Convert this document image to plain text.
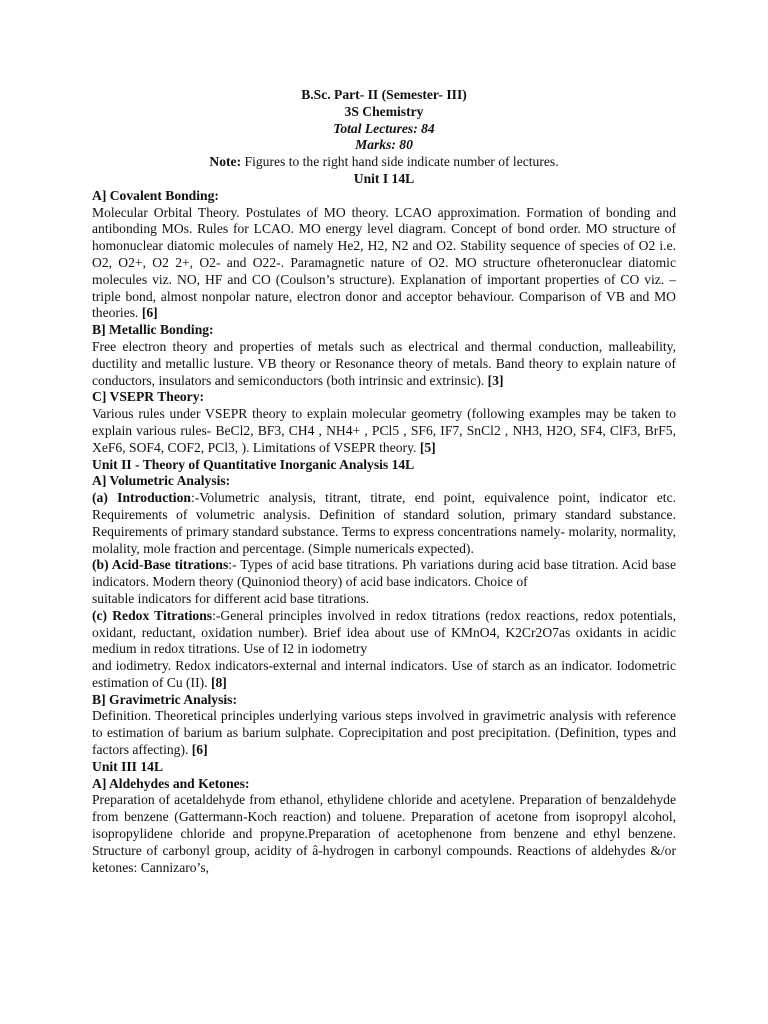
B.Sc. Part- II (Semester- III)
3S Chemistry
Total Lectures: 84
Marks: 80
Note: Figures to the right hand side indicate number of lectures.
Unit I 14L
A] Covalent Bonding:
Molecular Orbital Theory. Postulates of MO theory. LCAO approximation. Formation of bonding and antibonding MOs. Rules for LCAO. MO energy level diagram. Concept of bond order. MO structure of homonuclear diatomic molecules of namely He2, H2, N2 and O2. Stability sequence of species of O2 i.e. O2, O2+, O2 2+, O2- and O22-. Paramagnetic nature of O2. MO structure ofheteronuclear diatomic molecules viz. NO, HF and CO (Coulson’s structure). Explanation of important properties of CO viz. – triple bond, almost nonpolar nature, electron donor and acceptor behaviour. Comparison of VB and MO theories. [6]
B] Metallic Bonding:
Free electron theory and properties of metals such as electrical and thermal conduction, malleability, ductility and metallic lusture. VB theory or Resonance theory of metals. Band theory to explain nature of conductors, insulators and semiconductors (both intrinsic and extrinsic). [3]
C] VSEPR Theory:
Various rules under VSEPR theory to explain molecular geometry (following examples may be taken to explain various rules- BeCl2, BF3, CH4 , NH4+ , PCl5 , SF6, IF7, SnCl2 , NH3, H2O, SF4, ClF3, BrF5, XeF6, SOF4, COF2, PCl3, ). Limitations of VSEPR theory. [5]
Unit II - Theory of Quantitative Inorganic Analysis 14L
A] Volumetric Analysis:
(a) Introduction:-Volumetric analysis, titrant, titrate, end point, equivalence point, indicator etc. Requirements of volumetric analysis. Definition of standard solution, primary standard substance. Requirements of primary standard substance. Terms to express concentrations namely- molarity, normality, molality, mole fraction and percentage. (Simple numericals expected).
(b) Acid-Base titrations:- Types of acid base titrations. Ph variations during acid base titration. Acid base indicators. Modern theory (Quinoniod theory) of acid base indicators. Choice of
suitable indicators for different acid base titrations.
(c) Redox Titrations:-General principles involved in redox titrations (redox reactions, redox potentials, oxidant, reductant, oxidation number). Brief idea about use of KMnO4, K2Cr2O7as oxidants in acidic medium in redox titrations. Use of I2 in iodometry
and iodimetry. Redox indicators-external and internal indicators. Use of starch as an indicator. Iodometric estimation of Cu (II). [8]
B] Gravimetric Analysis:
Definition. Theoretical principles underlying various steps involved in gravimetric analysis with reference to estimation of barium as barium sulphate. Coprecipitation and post precipitation. (Definition, types and factors affecting). [6]
Unit III 14L
A] Aldehydes and Ketones:
Preparation of acetaldehyde from ethanol, ethylidene chloride and acetylene. Preparation of benzaldehyde from benzene (Gattermann-Koch reaction) and toluene. Preparation of acetone from isopropyl alcohol, isopropylidene chloride and propyne.Preparation of acetophenone from benzene and ethyl benzene. Structure of carbonyl group, acidity of â-hydrogen in carbonyl compounds. Reactions of aldehydes &/or ketones: Cannizaro’s,
